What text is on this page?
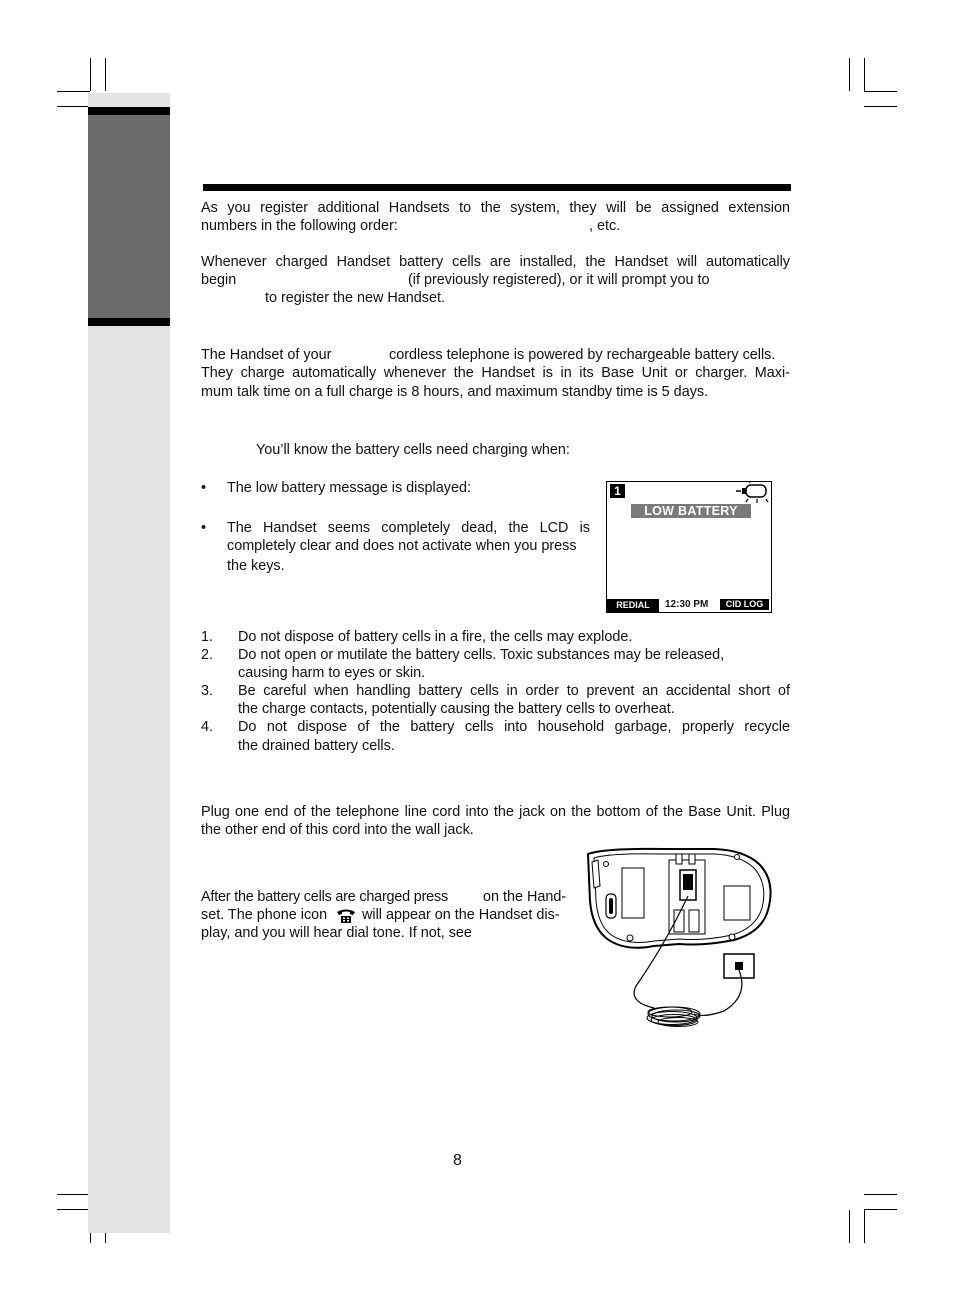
As you register additional Handsets to the system, they will be assigned extension

numbers in the following order:	, etc.

Whenever charged Handset battery cells are installed, the Handset will automatically

begin	(if previously registered), or it will prompt you to
to register the new Handset.
The Handset of your	cordless telephone is powered by rechargeable battery cells.

They charge automatically whenever the Handset is in its Base Unit or charger. Maxi-

mum talk time on a full charge is 8 hours, and maximum standby time is 5 days.
You’ll know the battery cells need charging when:
• The low battery message is displayed:
• The Handset seems completely dead, the LCD is
completely clear and does not activate when you press
the keys.
1
LOW BATTERY
REDIAL	12:30 PM	CID LOG
1. Do not dispose of battery cells in a fire, the cells may explode.
2. Do not open or mutilate the battery cells. Toxic substances may be released,
causing harm to eyes or skin.
3. Be careful when handling battery cells in order to prevent an accidental short of
the charge contacts, potentially causing the battery cells to overheat.
4. Do not dispose of the battery cells into household garbage, properly recycle
the drained battery cells.

Plug one end of the telephone line cord into the jack on the bottom of the Base Unit. Plug

the other end of this cord into the wall jack.
After the battery cells are charged press on the Hand-
set. The phone icon will appear on the Handset dis-
play, and you will hear dial tone. If not, see
8
